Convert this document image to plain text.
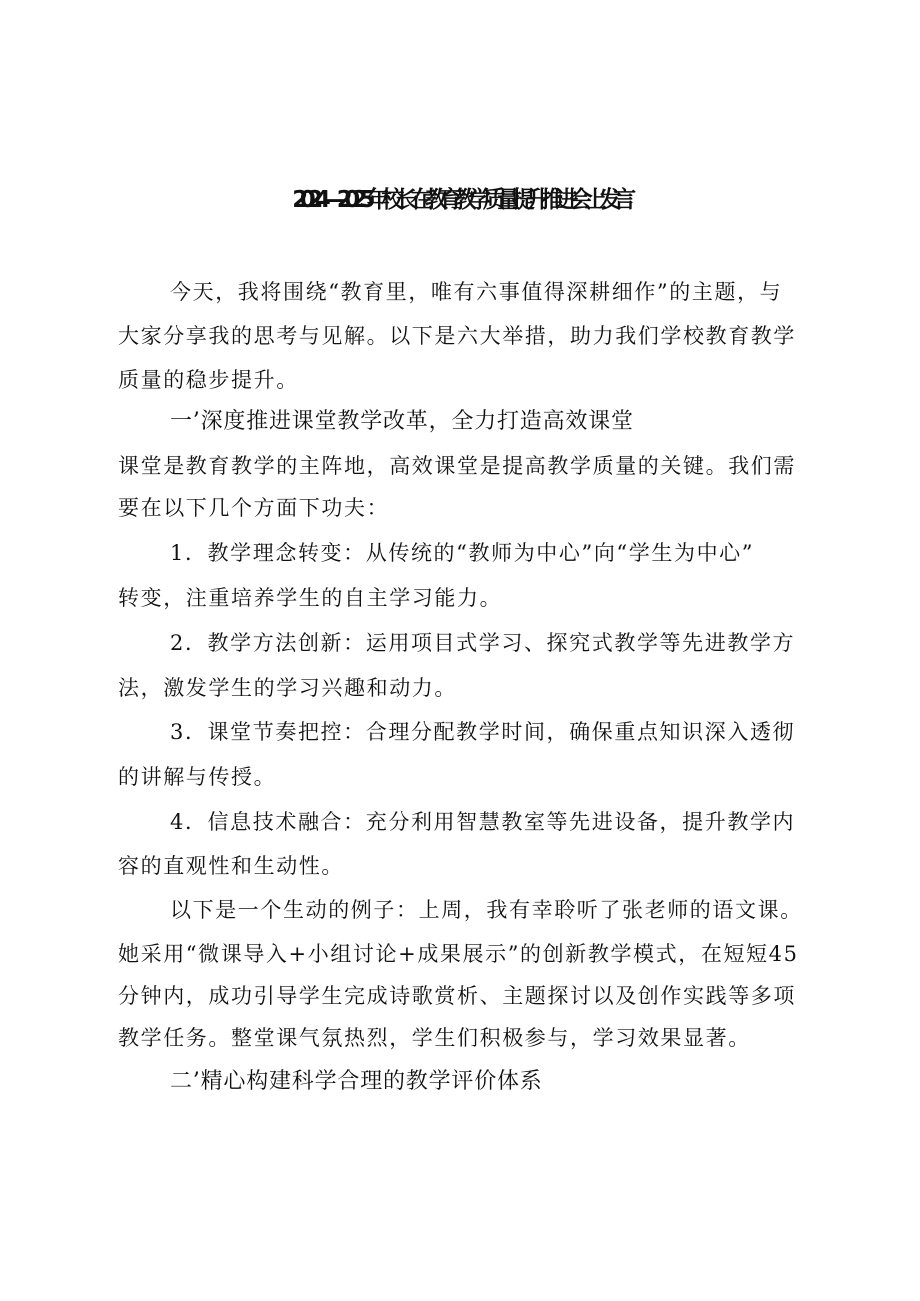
2024—2025年校长在教育教学质量提升推进会上发言

今天，我将围绕“教育里，唯有六事值得深耕细作”的主题，与

大家分享我的思考与见解。以下是六大举措，助力我们学校教育教学

质量的稳步提升。

一’深度推进课堂教学改革，全力打造高效课堂

课堂是教育教学的主阵地，高效课堂是提高教学质量的关键。我们需

要在以下几个方面下功夫：

1．教学理念转变：从传统的“教师为中心”向“学生为中心”

转变，注重培养学生的自主学习能力。

2．教学方法创新：运用项目式学习、探究式教学等先进教学方

法，激发学生的学习兴趣和动力。

3．课堂节奏把控：合理分配教学时间，确保重点知识深入透彻

的讲解与传授。

4．信息技术融合：充分利用智慧教室等先进设备，提升教学内

容的直观性和生动性。

以下是一个生动的例子：上周，我有幸聆听了张老师的语文课。

她采用“微课导入+小组讨论+成果展示”的创新教学模式，在短短45

分钟内，成功引导学生完成诗歌赏析、主题探讨以及创作实践等多项

教学任务。整堂课气氛热烈，学生们积极参与，学习效果显著。

二’精心构建科学合理的教学评价体系
